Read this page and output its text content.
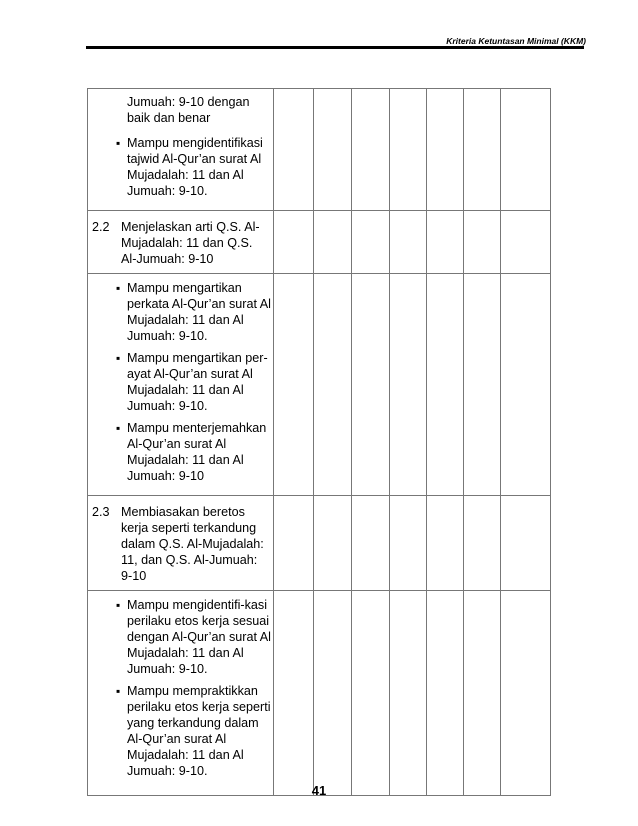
Kriteria Ketuntasan Minimal (KKM)
Jumuah: 9-10 dengan baik dan benar
▪ Mampu mengidentifikasi tajwid Al-Qur’an surat Al Mujadalah: 11 dan Al Jumuah: 9-10.

2.2 Menjelaskan arti Q.S. Al-Mujadalah: 11 dan Q.S. Al-Jumuah: 9-10							

▪ Mampu mengartikan perkata Al-Qur’an surat Al Mujadalah: 11 dan Al Jumuah: 9-10.
▪ Mampu mengartikan per-ayat Al-Qur’an surat Al Mujadalah: 11 dan Al Jumuah: 9-10.
▪ Mampu menterjemahkan Al-Qur’an surat Al Mujadalah: 11 dan Al Jumuah: 9-10

2.3 Membiasakan beretos kerja seperti terkandung dalam Q.S. Al-Mujadalah: 11, dan Q.S. Al-Jumuah: 9-10							

▪ Mampu mengidentifi-kasi perilaku etos kerja sesuai dengan Al-Qur’an surat Al Mujadalah: 11 dan Al Jumuah: 9-10.
▪ Mampu mempraktikkan perilaku etos kerja seperti yang terkandung dalam Al-Qur’an surat Al Mujadalah: 11 dan Al Jumuah: 9-10.

41
